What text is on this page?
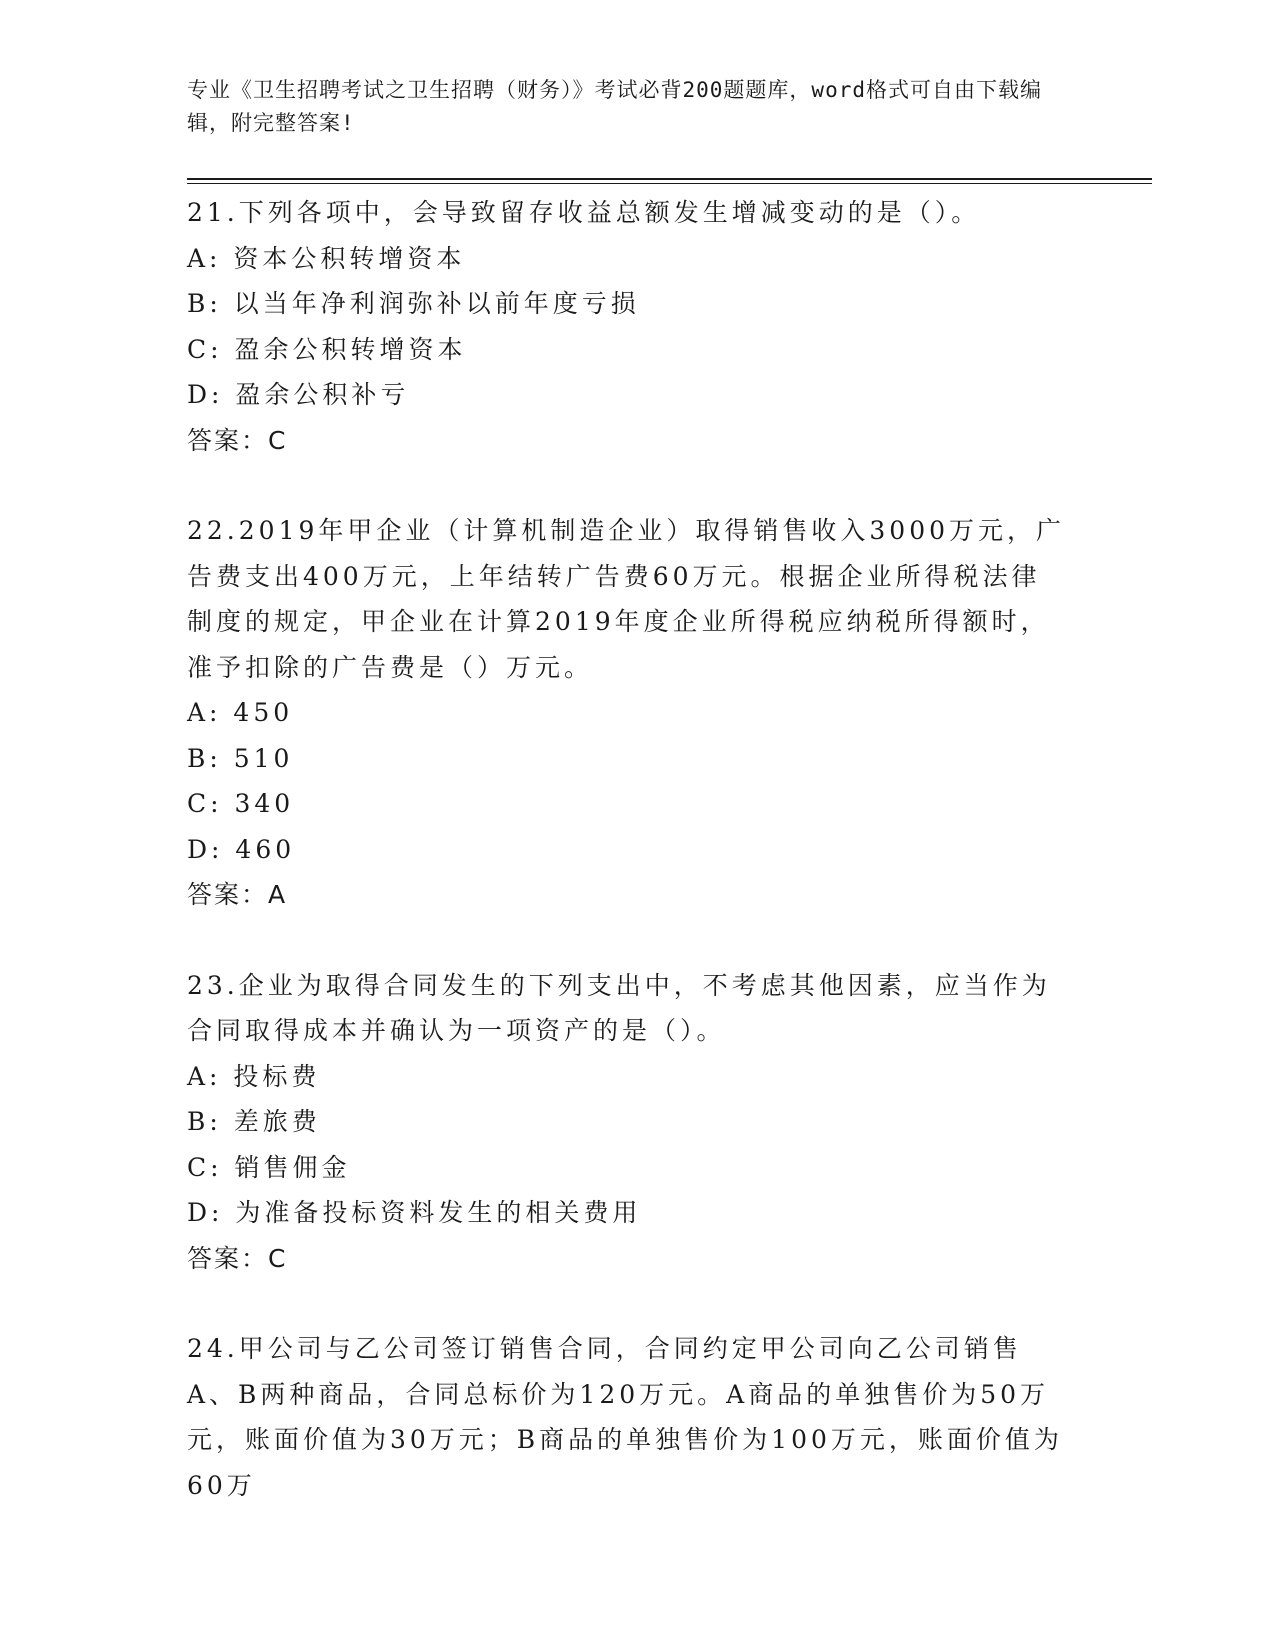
专业《卫生招聘考试之卫生招聘（财务）》考试必背200题题库，word格式可自由下载编辑，附完整答案!
21.下列各项中，会导致留存收益总额发生增减变动的是（）。
A: 资本公积转增资本
B: 以当年净利润弥补以前年度亏损
C: 盈余公积转增资本
D: 盈余公积补亏
答案：C
22.2019年甲企业（计算机制造企业）取得销售收入3000万元，广告费支出400万元，上年结转广告费60万元。根据企业所得税法律制度的规定，甲企业在计算2019年度企业所得税应纳税所得额时，准予扣除的广告费是（）万元。
A: 450
B: 510
C: 340
D: 460
答案：A
23.企业为取得合同发生的下列支出中，不考虑其他因素，应当作为合同取得成本并确认为一项资产的是（）。
A: 投标费
B: 差旅费
C: 销售佣金
D: 为准备投标资料发生的相关费用
答案：C
24.甲公司与乙公司签订销售合同，合同约定甲公司向乙公司销售A、B两种商品，合同总标价为120万元。A商品的单独售价为50万元，账面价值为30万元；B商品的单独售价为100万元，账面价值为60万
